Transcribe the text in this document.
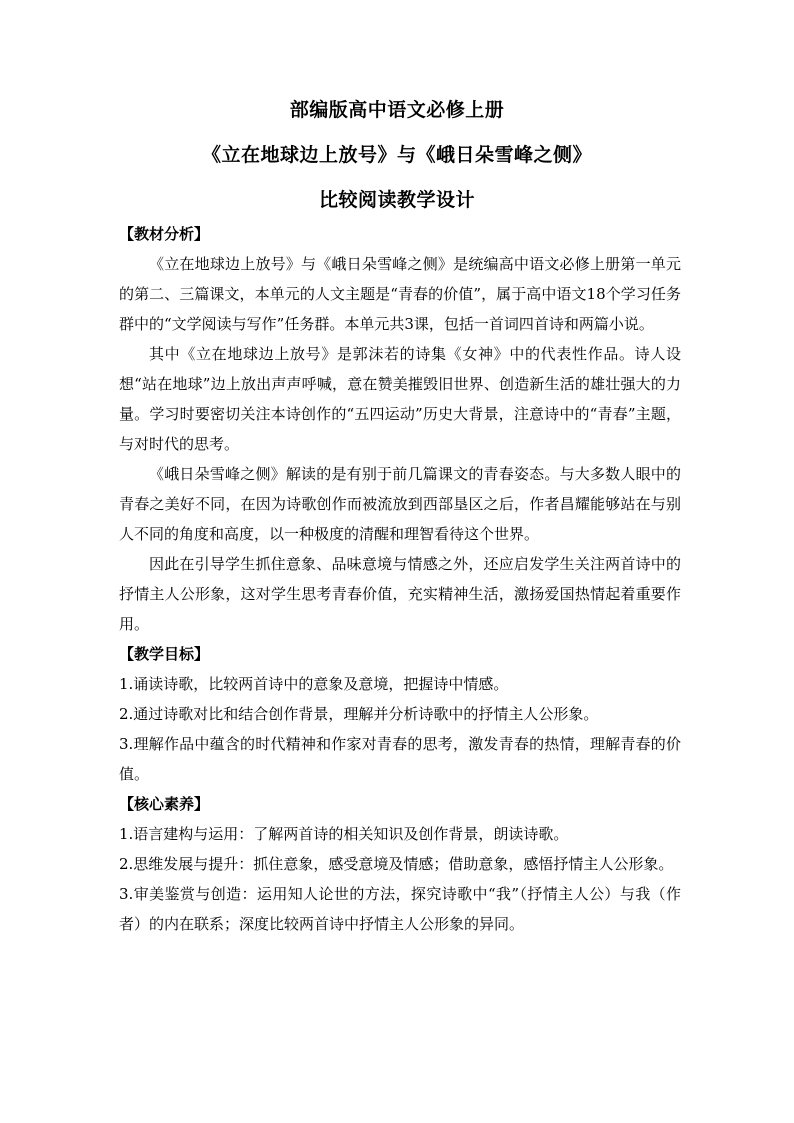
部编版高中语文必修上册
《立在地球边上放号》与《峨日朵雪峰之侧》
比较阅读教学设计
【教材分析】

《立在地球边上放号》与《峨日朵雪峰之侧》是统编高中语文必修上册第一单元的第二、三篇课文，本单元的人文主题是“青春的价值”，属于高中语文18个学习任务群中的“文学阅读与写作”任务群。本单元共3课，包括一首词四首诗和两篇小说。

其中《立在地球边上放号》是郭沫若的诗集《女神》中的代表性作品。诗人设想“站在地球”边上放出声声呼喊，意在赞美摧毁旧世界、创造新生活的雄壮强大的力量。学习时要密切关注本诗创作的“五四运动”历史大背景，注意诗中的“青春”主题，与对时代的思考。

《峨日朵雪峰之侧》解读的是有别于前几篇课文的青春姿态。与大多数人眼中的青春之美好不同，在因为诗歌创作而被流放到西部垦区之后，作者昌耀能够站在与别人不同的角度和高度，以一种极度的清醒和理智看待这个世界。

因此在引导学生抓住意象、品味意境与情感之外，还应启发学生关注两首诗中的抒情主人公形象，这对学生思考青春价值，充实精神生活，激扬爱国热情起着重要作用。

【教学目标】

1.诵读诗歌，比较两首诗中的意象及意境，把握诗中情感。

2.通过诗歌对比和结合创作背景，理解并分析诗歌中的抒情主人公形象。

3.理解作品中蕴含的时代精神和作家对青春的思考，激发青春的热情，理解青春的价值。

【核心素养】

1.语言建构与运用：了解两首诗的相关知识及创作背景，朗读诗歌。

2.思维发展与提升：抓住意象，感受意境及情感；借助意象，感悟抒情主人公形象。

3.审美鉴赏与创造：运用知人论世的方法，探究诗歌中“我”（抒情主人公）与我（作者）的内在联系；深度比较两首诗中抒情主人公形象的异同。
